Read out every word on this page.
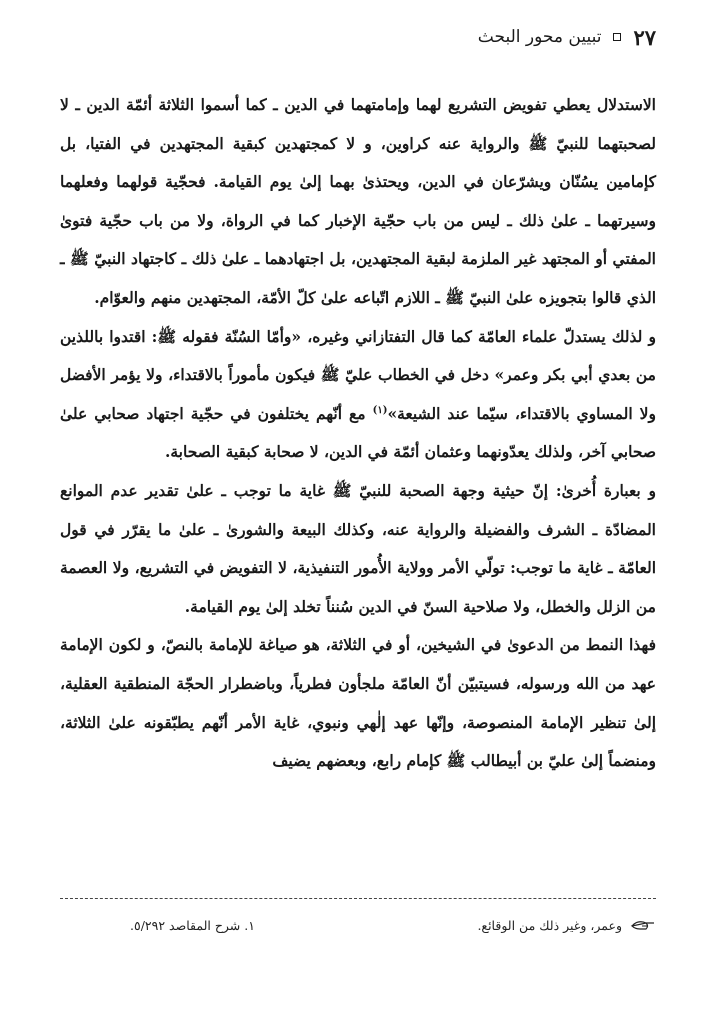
٢٧
تبيين محور البحث

الاستدلال يعطي تفويض التشريع لهما وإمامتهما في الدين ـ كما أسموا الثلاثة أئمّة الدين ـ لا لصحبتهما للنبيّ ﷺ والرواية عنه كراوين، و لا كمجتهدين كبقية المجتهدين في الفتيا، بل كإمامين يسُنّان ويشرّعان في الدين، ويحتذىٰ بهما إلىٰ يوم القيامة. فحجّية قولهما وفعلهما وسيرتهما ـ علىٰ ذلك ـ ليس من باب حجّية الإخبار كما في الرواة، ولا من باب حجّية فتوىٰ المفتي أو المجتهد غير الملزمة لبقية المجتهدين، بل اجتهادهما ـ علىٰ ذلك ـ كاجتهاد النبيّ ﷺ ـ الذي قالوا بتجويزه علىٰ النبيّ ﷺ ـ اللازم اتّباعه علىٰ كلّ الأمّة، المجتهدين منهم والعوّام.

و لذلك يستدلّ علماء العامّة كما قال التفتازاني وغيره، «وأمّا السُنّة فقوله ﷺ: اقتدوا باللذين من بعدي أبي بكر وعمر» دخل في الخطاب عليّ ﷺ فيكون مأموراً بالاقتداء، ولا يؤمر الأفضل ولا المساوي بالاقتداء، سيّما عند الشيعة»$^{(١)}$ مع أنّهم يختلفون في حجّية اجتهاد صحابي علىٰ صحابي آخر، ولذلك يعدّونهما وعثمان أئمّة في الدين، لا صحابة كبقية الصحابة.

و بعبارة أُخرىٰ: إنّ حيثية وجهة الصحبة للنبيّ ﷺ غاية ما توجب ـ علىٰ تقدير عدم الموانع المضادّة ـ الشرف والفضيلة والرواية عنه، وكذلك البيعة والشورىٰ ـ علىٰ ما يقرّر في قول العامّة ـ غاية ما توجب: تولّي الأمر وولاية الأُمور التنفيذية، لا التفويض في التشريع، ولا العصمة من الزلل والخطل، ولا صلاحية السنّ في الدين سُنناً تخلد إلىٰ يوم القيامة.

فهذا النمط من الدعوىٰ في الشيخين، أو في الثلاثة، هو صياغة للإمامة بالنصّ، و لكون الإمامة عهد من الله ورسوله، فسيتبيّن أنّ العامّة ملجأون فطرياً، وباضطرار الحجّة المنطقية العقلية، إلىٰ تنظير الإمامة المنصوصة، وإنّها عهد إلٰهي ونبوي، غاية الأمر أنّهم يطبّقونه علىٰ الثلاثة، ومنضماً إلىٰ عليّ بن أبيطالب ﷺ كإمام رابع، وبعضهم يضيف

وعمر، وغير ذلك من الوقائع.
١. شرح المقاصد ٥/٢٩٢.
